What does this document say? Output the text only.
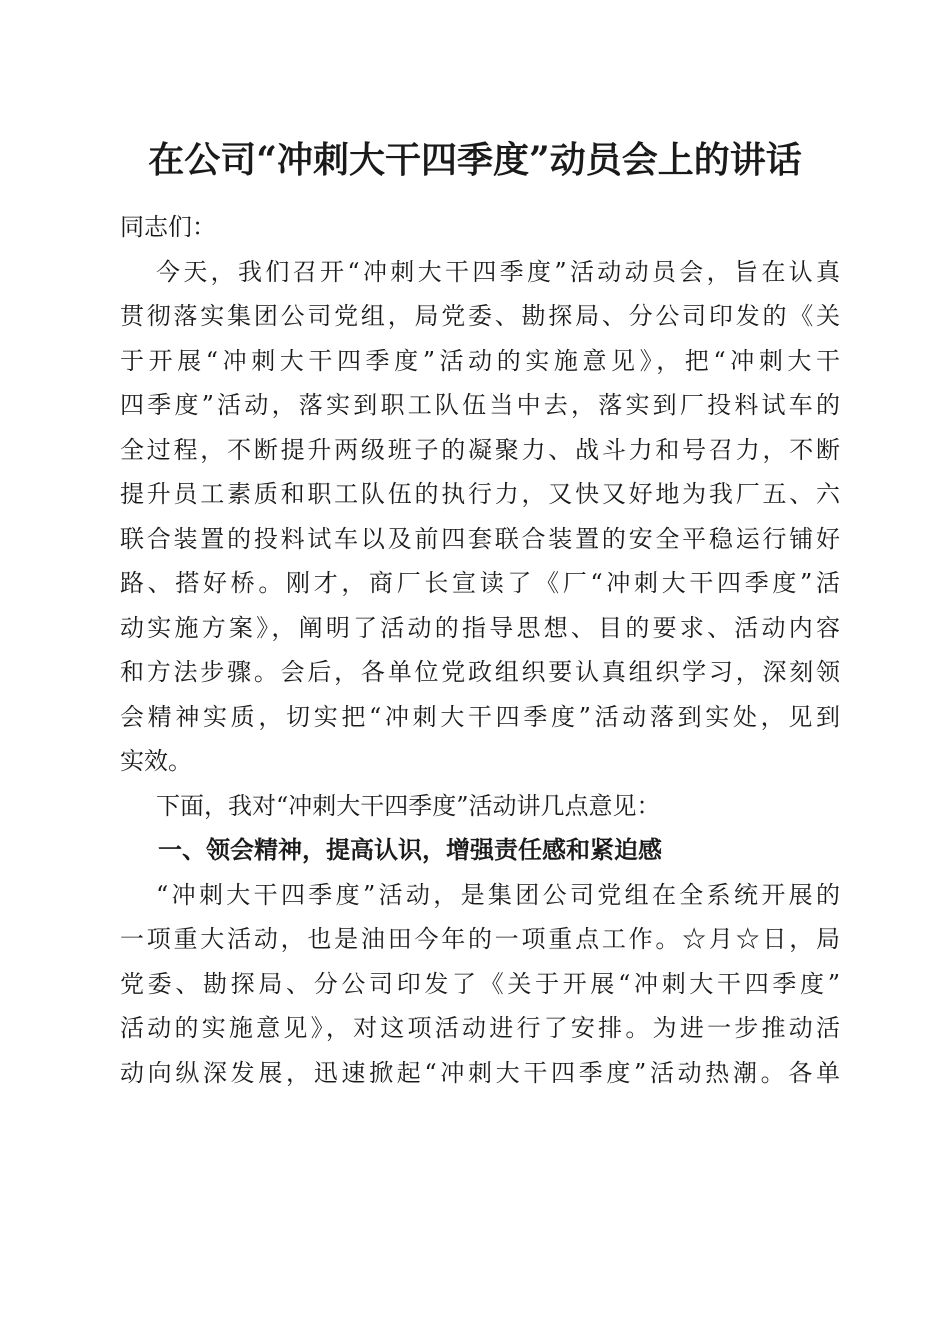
在公司“冲刺大干四季度”动员会上的讲话
同志们：
今天，我们召开“冲刺大干四季度”活动动员会，旨在认真
贯彻落实集团公司党组，局党委、勘探局、分公司印发的《关
于开展“冲刺大干四季度”活动的实施意见》，把“冲刺大干
四季度”活动，落实到职工队伍当中去，落实到厂投料试车的
全过程，不断提升两级班子的凝聚力、战斗力和号召力，不断
提升员工素质和职工队伍的执行力，又快又好地为我厂五、六
联合装置的投料试车以及前四套联合装置的安全平稳运行铺好
路、搭好桥。刚才，商厂长宣读了《厂“冲刺大干四季度”活
动实施方案》，阐明了活动的指导思想、目的要求、活动内容
和方法步骤。会后，各单位党政组织要认真组织学习，深刻领
会精神实质，切实把“冲刺大干四季度”活动落到实处，见到
实效。
下面，我对“冲刺大干四季度”活动讲几点意见：
一、领会精神，提高认识，增强责任感和紧迫感
“冲刺大干四季度”活动，是集团公司党组在全系统开展的
一项重大活动，也是油田今年的一项重点工作。☆月☆日，局
党委、勘探局、分公司印发了《关于开展“冲刺大干四季度”
活动的实施意见》，对这项活动进行了安排。为进一步推动活
动向纵深发展，迅速掀起“冲刺大干四季度”活动热潮。各单
